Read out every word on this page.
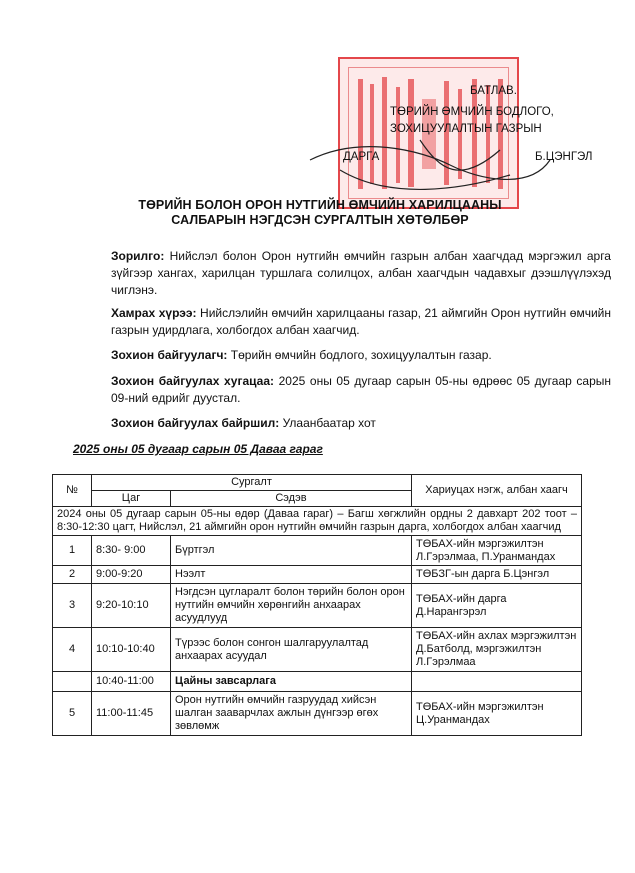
БАТЛАВ.
ТӨРИЙН ӨМЧИЙН БОДЛОГО,
ЗОХИЦУУЛАЛТЫН ГАЗРЫН
ДАРГА	Б.ЦЭНГЭЛ
ТӨРИЙН БОЛОН ОРОН НУТГИЙН ӨМЧИЙН ХАРИЛЦААНЫ
САЛБАРЫН НЭГДСЭН СУРГАЛТЫН ХӨТӨЛБӨР
Зорилго: Нийслэл болон Орон нутгийн өмчийн газрын албан хаагчдад мэргэжил арга зүйгээр хангах, харилцан туршлага солилцох, албан хаагчдын чадавхыг дээшлүүлэхэд чиглэнэ.
Хамрах хүрээ: Нийслэлийн өмчийн харилцааны газар, 21 аймгийн Орон нутгийн өмчийн газрын удирдлага, холбогдох албан хаагчид.
Зохион байгуулагч: Төрийн өмчийн бодлого, зохицуулалтын газар.
Зохион байгуулах хугацаа: 2025 оны 05 дугаар сарын 05-ны өдрөөс 05 дугаар сарын 09-ний өдрийг дуустал.
Зохион байгуулах байршил: Улаанбаатар хот
2025 оны 05 дугаар сарын 05 Даваа гараг
№	Сургалт		Хариуцах нэгж, албан хаагч
	Цаг	Сэдэв	
2024 оны 05 дугаар сарын 05-ны өдөр (Даваа гараг) – Багш хөгжлийн ордны 2 давхарт 202 тоот – 8:30-12:30 цагт, Нийслэл, 21 аймгийн орон нутгийн өмчийн газрын дарга, холбогдох албан хаагчид			
1	8:30- 9:00	Бүртгэл	ТӨБАХ-ийн мэргэжилтэн Л.Гэрэлмаа, П.Уранмандах
2	9:00-9:20	Нээлт	ТӨБЗГ-ын дарга Б.Цэнгэл
3	9:20-10:10	Нэгдсэн цугларалт болон төрийн болон орон нутгийн өмчийн хөрөнгийн анхаарах асуудлууд	ТӨБАХ-ийн дарга Д.Нарангэрэл
4	10:10-10:40	Түрээс болон сонгон шалгаруулалтад анхаарах асуудал	ТӨБАХ-ийн ахлах мэргэжилтэн Д.Батболд, мэргэжилтэн Л.Гэрэлмаа
	10:40-11:00	Цайны завсарлага	
5	11:00-11:45	Орон нутгийн өмчийн газруудад хийсэн шалган зааварчлах ажлын дүнгээр өгөх зөвлөмж	ТӨБАХ-ийн мэргэжилтэн Ц.Уранмандах
